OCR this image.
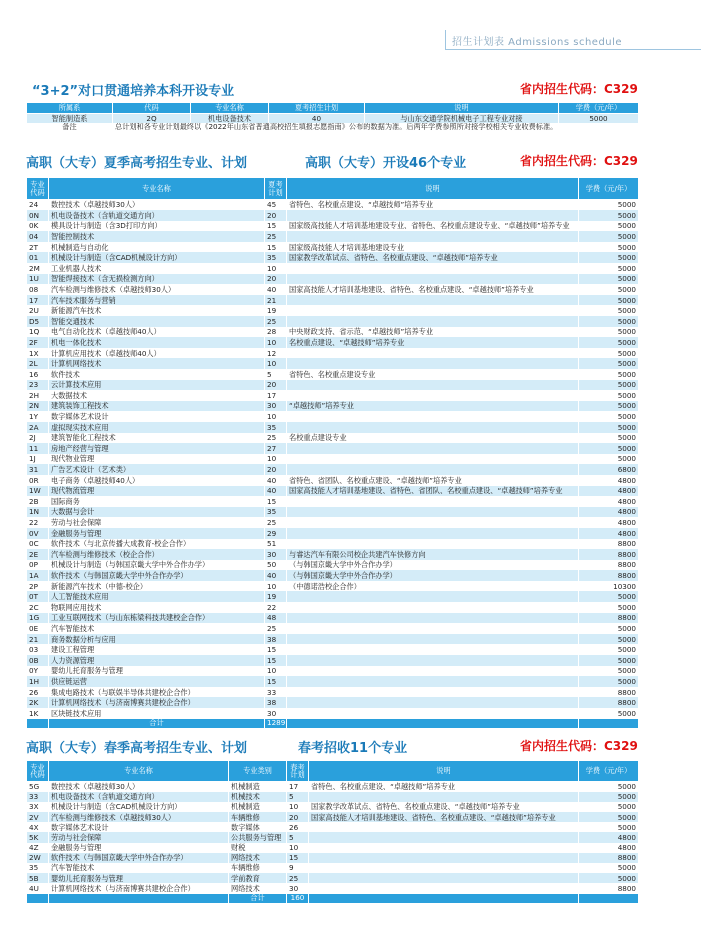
招生计划表 Admissions schedule
“3+2”对口贯通培养本科开设专业	省内招生代码：C329
所属系	代码	专业名称	夏考招生计划	说明	学费（元/年）
智能制造系	2Q	机电设备技术	40	与山东交通学院机械电子工程专业对接	5000
备注	总计划和各专业计划最终以《2022年山东省普通高校招生填报志愿指南》公布的数据为准。后两年学费参照所对接学校相关专业收费标准。				
高职（大专）夏季高考招生专业、计划	高职（大专）开设46个专业	省内招生代码：C329
专业代码	专业名称	夏考计划	说明	学费（元/年）
24	数控技术（卓越技师30人）	45	省特色、名校重点建设、“卓越技师”培养专业	5000
0N	机电设备技术（含轨道交通方向）	20		5000
0K	模具设计与制造（含3D打印方向）	15	国家级高技能人才培训基地建设专业、省特色、名校重点建设专业、“卓越技师”培养专业	5000
04	智能控制技术	25		5000
2T	机械制造与自动化	15	国家级高技能人才培训基地建设专业	5000
01	机械设计与制造（含CAD机械设计方向）	35	国家教学改革试点、省特色、名校重点建设、“卓越技师”培养专业	5000
2M	工业机器人技术	10		5000
1U	智能焊接技术（含无损检测方向）	20		5000
08	汽车检测与维修技术（卓越技师30人）	40	国家高技能人才培训基地建设、省特色、名校重点建设、“卓越技师”培养专业	5000
17	汽车技术服务与营销	21		5000
2U	新能源汽车技术	19		5000
D5	智能交通技术	25		5000
1Q	电气自动化技术（卓越技师40人）	28	中央财政支持、省示范、“卓越技师”培养专业	5000
2F	机电一体化技术	10	名校重点建设、“卓越技师”培养专业	5000
1X	计算机应用技术（卓越技师40人）	12		5000
2L	计算机网络技术	10		5000
16	软件技术	5	省特色、名校重点建设专业	5000
23	云计算技术应用	20		5000
2H	大数据技术	17		5000
2N	建筑装饰工程技术	30	“卓越技师”培养专业	5000
1Y	数字媒体艺术设计	10		5000
2A	虚拟现实技术应用	35		5000
2J	建筑智能化工程技术	25	名校重点建设专业	5000
11	房地产经营与管理	27		5000
1J	现代物业管理	10		5000
31	广告艺术设计（艺术类）	20		6800
0R	电子商务（卓越技师40人）	40	省特色、省团队、名校重点建设、“卓越技师”培养专业	4800
1W	现代物流管理	40	国家高技能人才培训基地建设、省特色、省团队、名校重点建设、“卓越技师”培养专业	4800
2B	国际商务	15		4800
1N	大数据与会计	35		4800
22	劳动与社会保障	25		4800
0V	金融服务与管理	29		4800
0C	软件技术（与北京传播大成教育-校企合作）	51		8800
2E	汽车检测与维修技术（校企合作）	30	与睿达汽车有限公司校企共建汽车快修方向	8800
0P	机械设计与制造（与韩国京畿大学中外合作办学）	50	（与韩国京畿大学中外合作办学）	8800
1A	软件技术（与韩国京畿大学中外合作办学）	40	（与韩国京畿大学中外合作办学）	8800
2P	新能源汽车技术（中德-校企）	10	（中德诺浩校企合作）	10300
0T	人工智能技术应用	19		5000
2C	物联网应用技术	22		5000
1G	工业互联网技术（与山东栋梁科技共建校企合作）	48		8800
0E	汽车智能技术	25		5000
21	商务数据分析与应用	38		5000
03	建设工程管理	15		5000
0B	人力资源管理	15		5000
0Y	婴幼儿托育服务与管理	10		5000
1H	供应链运营	15		5000
26	集成电路技术（与联娱半导体共建校企合作）	33		8800
2K	计算机网络技术（与济南博赛共建校企合作）	38		8800
1K	区块链技术应用	30		5000
	合计	1289		
高职（大专）春季高考招生专业、计划	春考招收11个专业	省内招生代码：C329
专业代码	专业名称	专业类别	春考计划	说明	学费（元/年）
5G	数控技术（卓越技师30人）	机械制造	17	省特色、名校重点建设、“卓越技师”培养专业	5000
33	机电设备技术（含轨道交通方向）	机械技术	5		5000
3X	机械设计与制造（含CAD机械设计方向）	机械制造	10	国家教学改革试点、省特色、名校重点建设、“卓越技师”培养专业	5000
2V	汽车检测与维修技术（卓越技师30人）	车辆维修	20	国家高技能人才培训基地建设、省特色、名校重点建设、“卓越技师”培养专业	5000
4X	数字媒体艺术设计	数字媒体	26		5000
5K	劳动与社会保障	公共服务与管理	5		4800
4Z	金融服务与管理	财税	10		4800
2W	软件技术（与韩国京畿大学中外合作办学）	网络技术	15		8800
35	汽车智能技术	车辆维修	9		5000
5B	婴幼儿托育服务与管理	学前教育	25		5000
4U	计算机网络技术（与济南博赛共建校企合作）	网络技术	30		8800
		合计	160		
